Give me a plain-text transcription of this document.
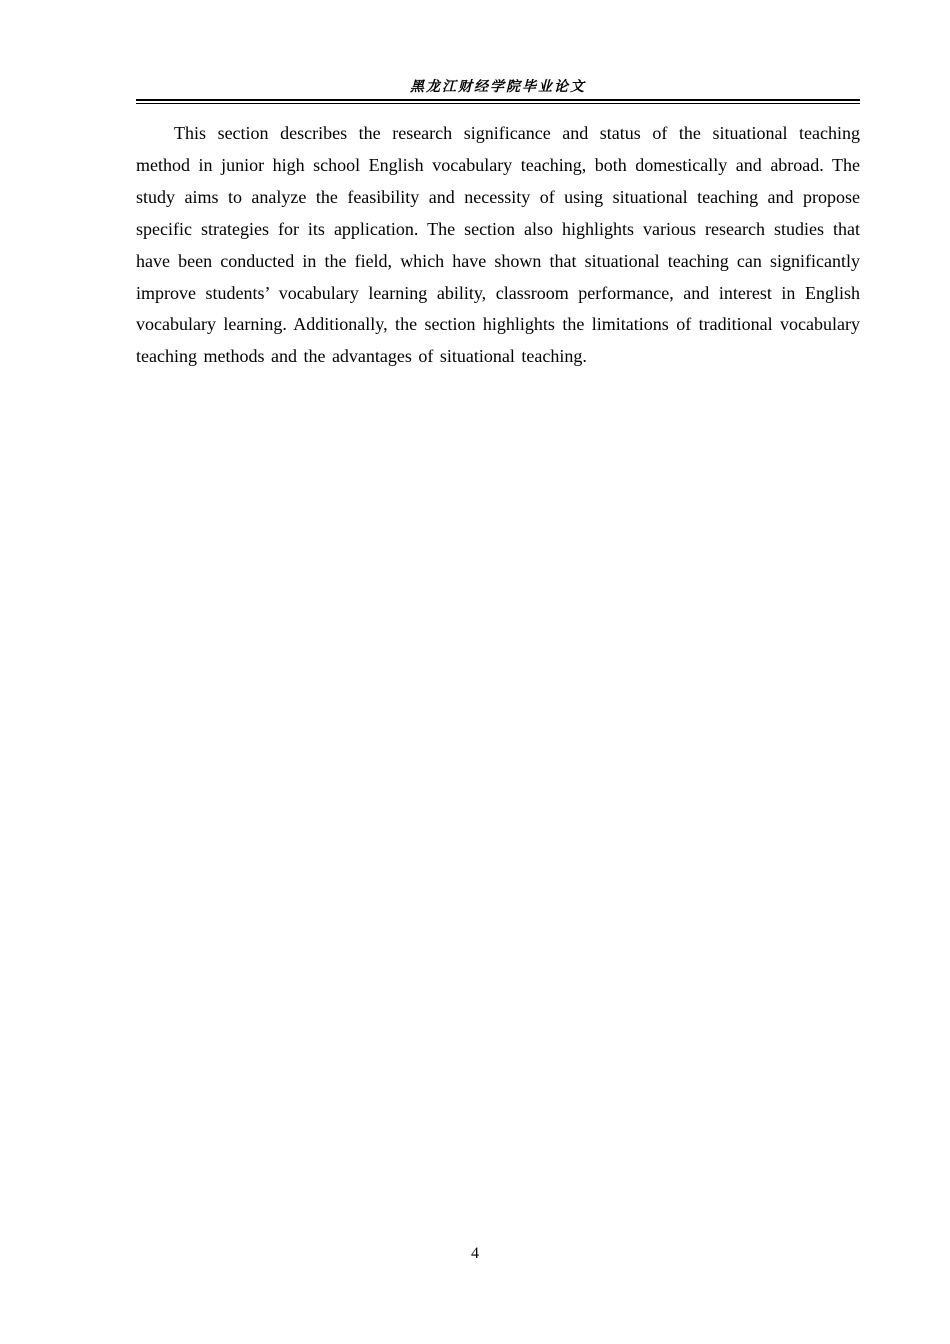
黑龙江财经学院毕业论文

This section describes the research significance and status of the situational teaching method in junior high school English vocabulary teaching, both domestically and abroad. The study aims to analyze the feasibility and necessity of using situational teaching and propose specific strategies for its application. The section also highlights various research studies that have been conducted in the field, which have shown that situational teaching can significantly improve students’ vocabulary learning ability, classroom performance, and interest in English vocabulary learning. Additionally, the section highlights the limitations of traditional vocabulary teaching methods and the advantages of situational teaching.

4
